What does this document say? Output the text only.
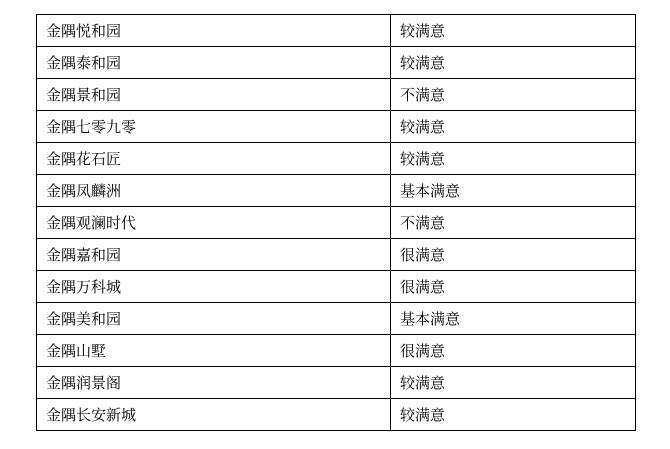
金隅悦和园	较满意
金隅泰和园	较满意
金隅景和园	不满意
金隅七零九零	较满意
金隅花石匠	较满意
金隅凤麟洲	基本满意
金隅观澜时代	不满意
金隅嘉和园	很满意
金隅万科城	很满意
金隅美和园	基本满意
金隅山墅	很满意
金隅润景阁	较满意
金隅长安新城	较满意
